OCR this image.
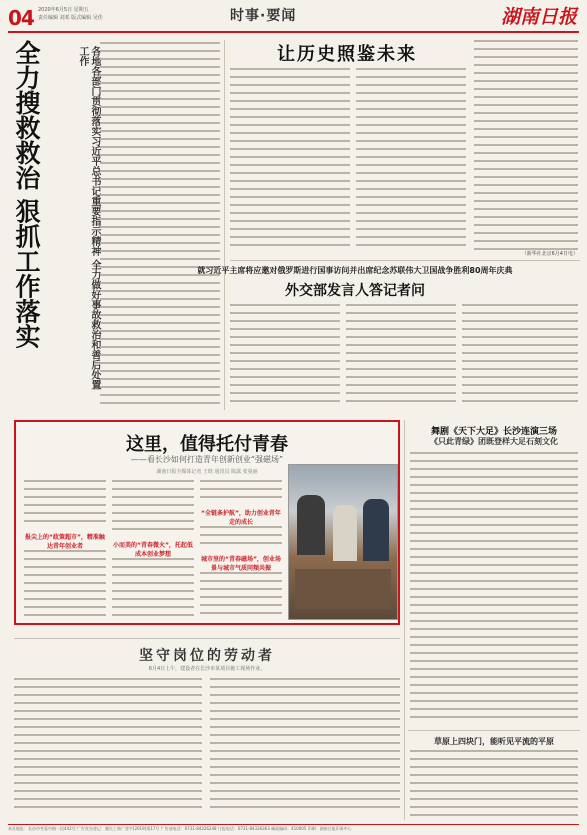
04 2020年6月5日 星期五
责任编辑 刘邓 版式编辑 吴佳	时事·要闻	湖南日报
全力搜救救治 狠抓工作落实	各地各部门贯彻落实习近平总书记重要指示精神 全力做好事故救治和善后处置工作	让历史照鉴未来
（新华社北京6月4日电）
就习近平主席将应邀对俄罗斯进行国事访问并出席纪念苏联伟大卫国战争胜利80周年庆典
外交部发言人答记者问
这里，值得托付青春
——看长沙如何打造青年创新创业“强磁场”
湖南日报全媒体记者 王晗 通讯员 陈露 张曼丽
报尖上的“政策超市”，精准触达青年创业者	小而美的“青春微火”，托起低成本创业梦想
“全链条护航”，助力创业青年走的成长
城市里的“青春磁场”，创业场景与城市气质同频共振
舞剧《天下大足》长沙连演三场
《只此青绿》团既登样大足石刻文化
草原上四块门，能听见平流的平原
坚守岗位的劳动者
6月4日上午，建设者在长沙市某项目施工现场作业。
本社地址：长沙市芙蓉中路一段442号 广告发布登记：湘长工商广登字[2019]第17号 广告部电话：0731-84326248 订报电话：0731-84326363 邮政编码：410005 印刷：湖南日报印务中心
